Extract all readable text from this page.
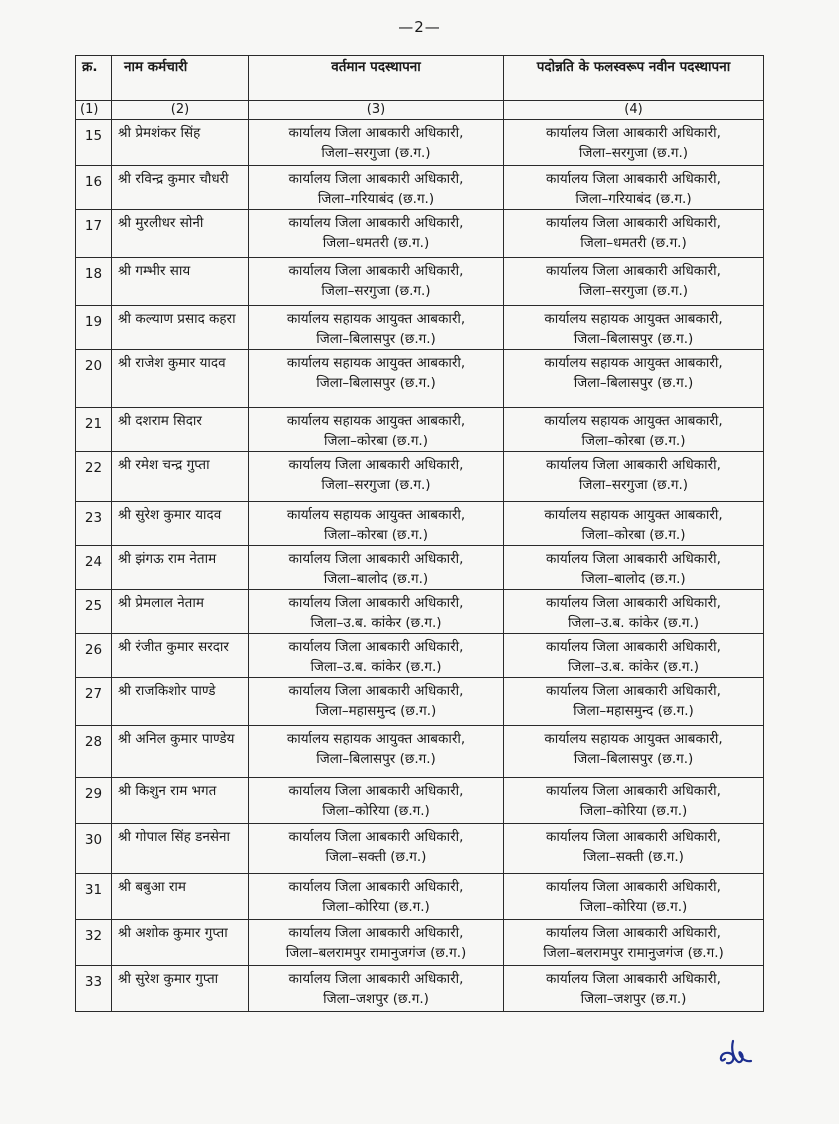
—2—
क्र.	नाम कर्मचारी	वर्तमान पदस्थापना	पदोन्नति के फलस्वरूप नवीन पदस्थापना
(1)	(2)	(3)	(4)
15	श्री प्रेमशंकर सिंह	कार्यालय जिला आबकारी अधिकारी,
जिला–सरगुजा (छ.ग.)	कार्यालय जिला आबकारी अधिकारी,
जिला–सरगुजा (छ.ग.)

16	श्री रविन्द्र कुमार चौधरी	कार्यालय जिला आबकारी अधिकारी,
जिला–गरियाबंद (छ.ग.)	कार्यालय जिला आबकारी अधिकारी,
जिला–गरियाबंद (छ.ग.)

17	श्री मुरलीधर सोनी	कार्यालय जिला आबकारी अधिकारी,
जिला–धमतरी (छ.ग.)	कार्यालय जिला आबकारी अधिकारी,
जिला–धमतरी (छ.ग.)

18	श्री गम्भीर साय	कार्यालय जिला आबकारी अधिकारी,
जिला–सरगुजा (छ.ग.)	कार्यालय जिला आबकारी अधिकारी,
जिला–सरगुजा (छ.ग.)

19	श्री कल्याण प्रसाद कहरा	कार्यालय सहायक आयुक्त आबकारी,
जिला–बिलासपुर (छ.ग.)	कार्यालय सहायक आयुक्त आबकारी,
जिला–बिलासपुर (छ.ग.)

20	श्री राजेश कुमार यादव	कार्यालय सहायक आयुक्त आबकारी,
जिला–बिलासपुर (छ.ग.)	कार्यालय सहायक आयुक्त आबकारी,
जिला–बिलासपुर (छ.ग.)

21	श्री दशराम सिदार	कार्यालय सहायक आयुक्त आबकारी,
जिला–कोरबा (छ.ग.)	कार्यालय सहायक आयुक्त आबकारी,
जिला–कोरबा (छ.ग.)

22	श्री रमेश चन्द्र गुप्ता	कार्यालय जिला आबकारी अधिकारी,
जिला–सरगुजा (छ.ग.)	कार्यालय जिला आबकारी अधिकारी,
जिला–सरगुजा (छ.ग.)

23	श्री सुरेश कुमार यादव	कार्यालय सहायक आयुक्त आबकारी,
जिला–कोरबा (छ.ग.)	कार्यालय सहायक आयुक्त आबकारी,
जिला–कोरबा (छ.ग.)

24	श्री झंगऊ राम नेताम	कार्यालय जिला आबकारी अधिकारी,
जिला–बालोद (छ.ग.)	कार्यालय जिला आबकारी अधिकारी,
जिला–बालोद (छ.ग.)

25	श्री प्रेमलाल नेताम	कार्यालय जिला आबकारी अधिकारी,
जिला–उ.ब. कांकेर (छ.ग.)	कार्यालय जिला आबकारी अधिकारी,
जिला–उ.ब. कांकेर (छ.ग.)

26	श्री रंजीत कुमार सरदार	कार्यालय जिला आबकारी अधिकारी,
जिला–उ.ब. कांकेर (छ.ग.)	कार्यालय जिला आबकारी अधिकारी,
जिला–उ.ब. कांकेर (छ.ग.)

27	श्री राजकिशोर पाण्डे	कार्यालय जिला आबकारी अधिकारी,
जिला–महासमुन्द (छ.ग.)	कार्यालय जिला आबकारी अधिकारी,
जिला–महासमुन्द (छ.ग.)

28	श्री अनिल कुमार पाण्डेय	कार्यालय सहायक आयुक्त आबकारी,
जिला–बिलासपुर (छ.ग.)	कार्यालय सहायक आयुक्त आबकारी,
जिला–बिलासपुर (छ.ग.)

29	श्री किशुन राम भगत	कार्यालय जिला आबकारी अधिकारी,
जिला–कोरिया (छ.ग.)	कार्यालय जिला आबकारी अधिकारी,
जिला–कोरिया (छ.ग.)

30	श्री गोपाल सिंह डनसेना	कार्यालय जिला आबकारी अधिकारी,
जिला–सक्ती (छ.ग.)	कार्यालय जिला आबकारी अधिकारी,
जिला–सक्ती (छ.ग.)

31	श्री बबुआ राम	कार्यालय जिला आबकारी अधिकारी,
जिला–कोरिया (छ.ग.)	कार्यालय जिला आबकारी अधिकारी,
जिला–कोरिया (छ.ग.)

32	श्री अशोक कुमार गुप्ता	कार्यालय जिला आबकारी अधिकारी,
जिला–बलरामपुर रामानुजगंज (छ.ग.)	कार्यालय जिला आबकारी अधिकारी,
जिला–बलरामपुर रामानुजगंज (छ.ग.)

33	श्री सुरेश कुमार गुप्ता	कार्यालय जिला आबकारी अधिकारी,
जिला–जशपुर (छ.ग.)	कार्यालय जिला आबकारी अधिकारी,
जिला–जशपुर (छ.ग.)
